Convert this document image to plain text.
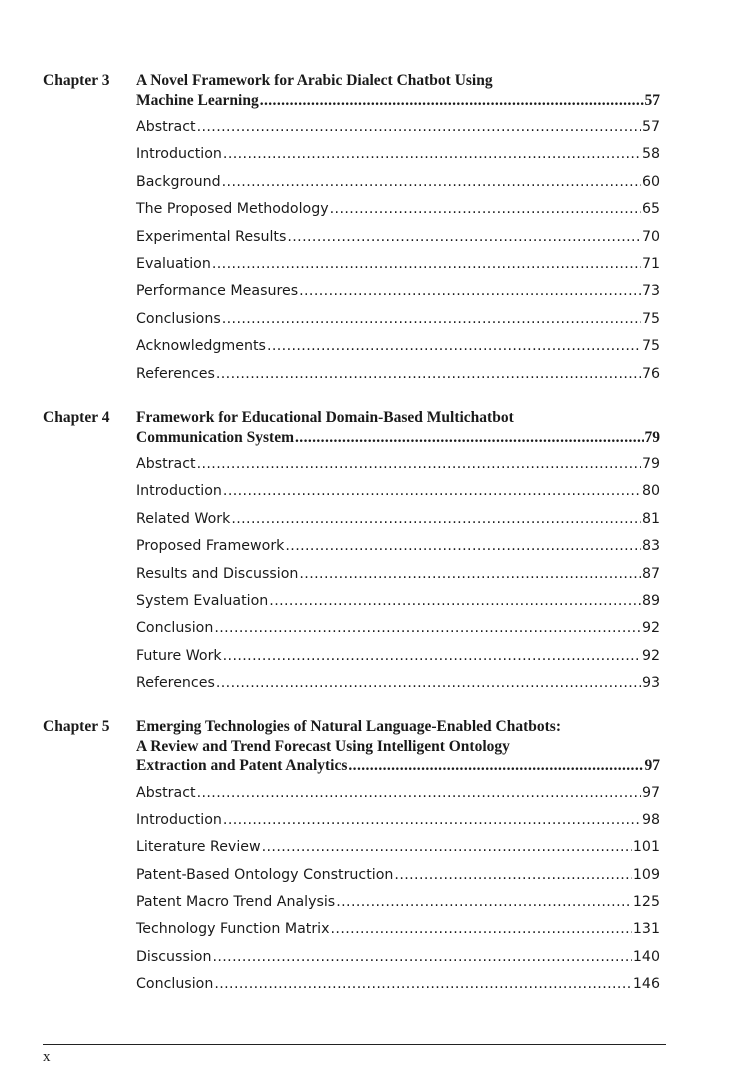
Chapter 3 A Novel Framework for Arabic Dialect Chatbot Using
Machine Learning .....	57
Abstract .....	57
Introduction .....	58
Background .....	60
The Proposed Methodology .....	65
Experimental Results .....	70
Evaluation .....	71
Performance Measures .....	73
Conclusions .....	75
Acknowledgments .....	75
References .....	76
Chapter 4 Framework for Educational Domain-Based Multichatbot
Communication System .....	79
Abstract .....	79
Introduction .....	80
Related Work .....	81
Proposed Framework .....	83
Results and Discussion .....	87
System Evaluation .....	89
Conclusion .....	92
Future Work .....	92
References .....	93
Chapter 5 Emerging Technologies of Natural Language-Enabled Chatbots:
A Review and Trend Forecast Using Intelligent Ontology
Extraction and Patent Analytics .....	97
Abstract .....	97
Introduction .....	98
Literature Review .....	101
Patent-Based Ontology Construction .....	109
Patent Macro Trend Analysis .....	125
Technology Function Matrix .....	131
Discussion .....	140
Conclusion .....	146
x
